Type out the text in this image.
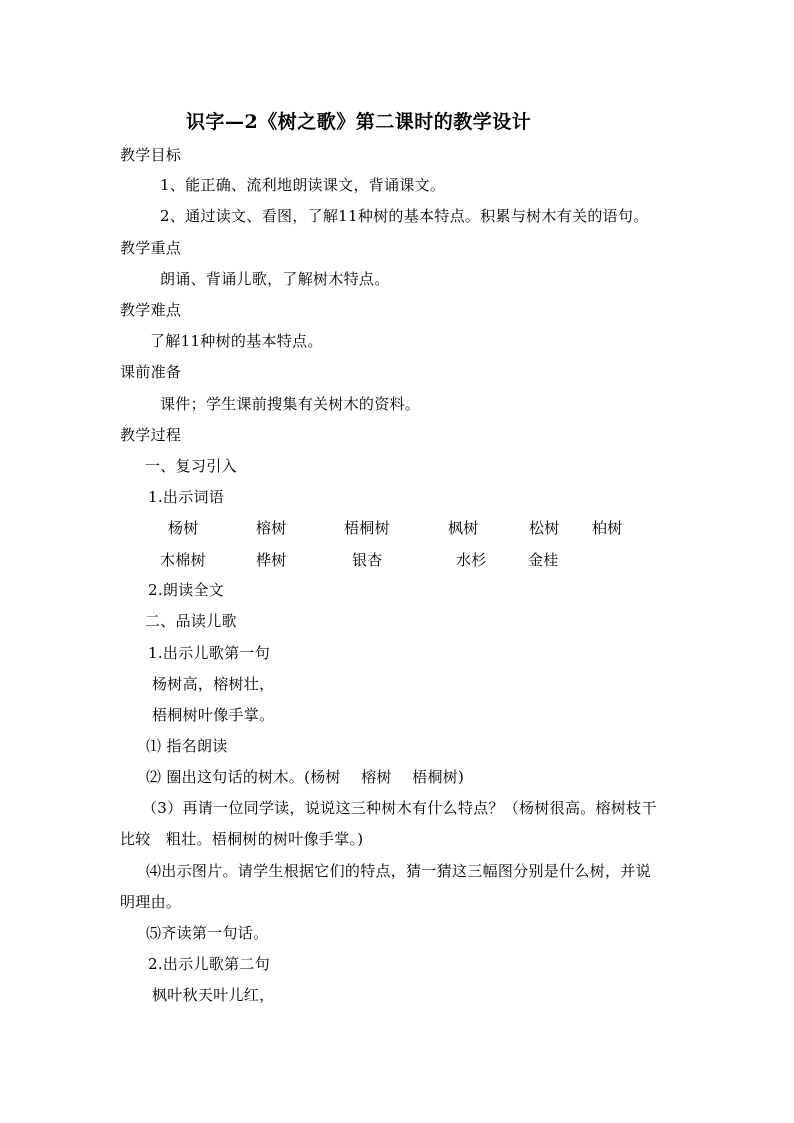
识字—2《树之歌》第二课时的教学设计
教学目标
1、能正确、流利地朗读课文，背诵课文。
2、通过读文、看图，了解11种树的基本特点。积累与树木有关的语句。
教学重点
朗诵、背诵儿歌，了解树木特点。
教学难点
了解11种树的基本特点。
课前准备
课件；学生课前搜集有关树木的资料。
教学过程
一、复习引入
1.出示词语
杨树	榕树	梧桐树	枫树	松树 柏树
木棉树	桦树	银杏	水杉	金桂
2.朗读全文
二、品读儿歌
1.出示儿歌第一句
杨树高，榕树壮，
梧桐树叶像手掌。
⑴ 指名朗读
⑵ 圈出这句话的树木。(杨树　 榕树　 梧桐树)
（3）再请一位同学读，说说这三种树木有什么特点？（杨树很高。榕树枝干
比较　粗壮。梧桐树的树叶像手掌。)
⑷出示图片。请学生根据它们的特点，猜一猜这三幅图分别是什么树，并说
明理由。
⑸齐读第一句话。
2.出示儿歌第二句
枫叶秋天叶儿红，
